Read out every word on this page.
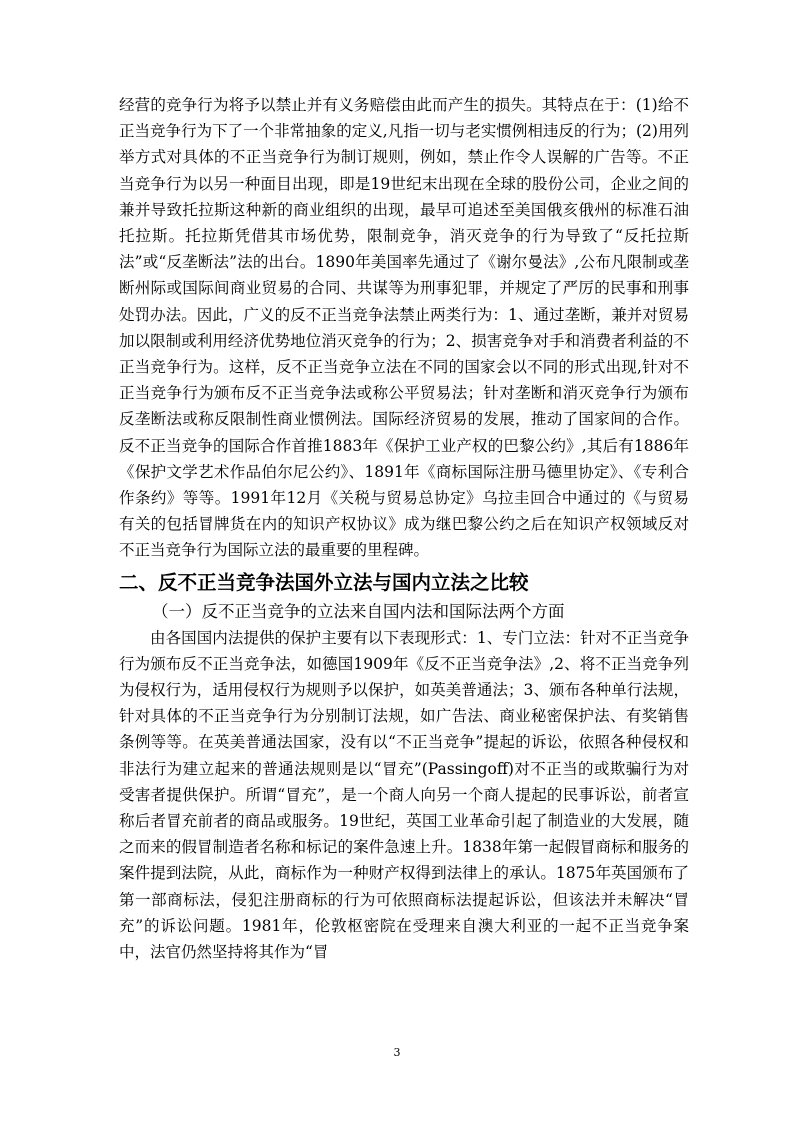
经营的竞争行为将予以禁止并有义务赔偿由此而产生的损失。其特点在于：(1)给不正当竞争行为下了一个非常抽象的定义,凡指一切与老实惯例相违反的行为；(2)用列举方式对具体的不正当竞争行为制订规则，例如，禁止作令人误解的广告等。不正当竞争行为以另一种面目出现，即是19世纪末出现在全球的股份公司，企业之间的兼并导致托拉斯这种新的商业组织的出现，最早可追述至美国俄亥俄州的标准石油托拉斯。托拉斯凭借其市场优势，限制竞争，消灭竞争的行为导致了“反托拉斯法”或“反垄断法”法的出台。1890年美国率先通过了《谢尔曼法》,公布凡限制或垄断州际或国际间商业贸易的合同、共谋等为刑事犯罪，并规定了严厉的民事和刑事处罚办法。因此，广义的反不正当竞争法禁止两类行为：1、通过垄断，兼并对贸易加以限制或利用经济优势地位消灭竞争的行为；2、损害竞争对手和消费者利益的不正当竞争行为。这样，反不正当竞争立法在不同的国家会以不同的形式出现,针对不正当竞争行为颁布反不正当竞争法或称公平贸易法；针对垄断和消灭竞争行为颁布反垄断法或称反限制性商业惯例法。国际经济贸易的发展，推动了国家间的合作。反不正当竞争的国际合作首推1883年《保护工业产权的巴黎公约》,其后有1886年《保护文学艺术作品伯尔尼公约》、1891年《商标国际注册马德里协定》、《专利合作条约》等等。1991年12月《关税与贸易总协定》乌拉圭回合中通过的《与贸易有关的包括冒牌货在内的知识产权协议》成为继巴黎公约之后在知识产权领域反对不正当竞争行为国际立法的最重要的里程碑。

二、反不正当竞争法国外立法与国内立法之比较
（一）反不正当竞争的立法来自国内法和国际法两个方面

由各国国内法提供的保护主要有以下表现形式：1、专门立法：针对不正当竞争行为颁布反不正当竞争法，如德国1909年《反不正当竞争法》,2、将不正当竞争列为侵权行为，适用侵权行为规则予以保护，如英美普通法；3、颁布各种单行法规，针对具体的不正当竞争行为分别制订法规，如广告法、商业秘密保护法、有奖销售条例等等。在英美普通法国家，没有以“不正当竞争”提起的诉讼，依照各种侵权和非法行为建立起来的普通法规则是以“冒充”(Passingoff)对不正当的或欺骗行为对受害者提供保护。所谓“冒充”，是一个商人向另一个商人提起的民事诉讼，前者宣称后者冒充前者的商品或服务。19世纪，英国工业革命引起了制造业的大发展，随之而来的假冒制造者名称和标记的案件急速上升。1838年第一起假冒商标和服务的案件提到法院，从此，商标作为一种财产权得到法律上的承认。1875年英国颁布了第一部商标法，侵犯注册商标的行为可依照商标法提起诉讼，但该法并未解决“冒充”的诉讼问题。1981年，伦敦枢密院在受理来自澳大利亚的一起不正当竞争案中，法官仍然坚持将其作为“冒

3
